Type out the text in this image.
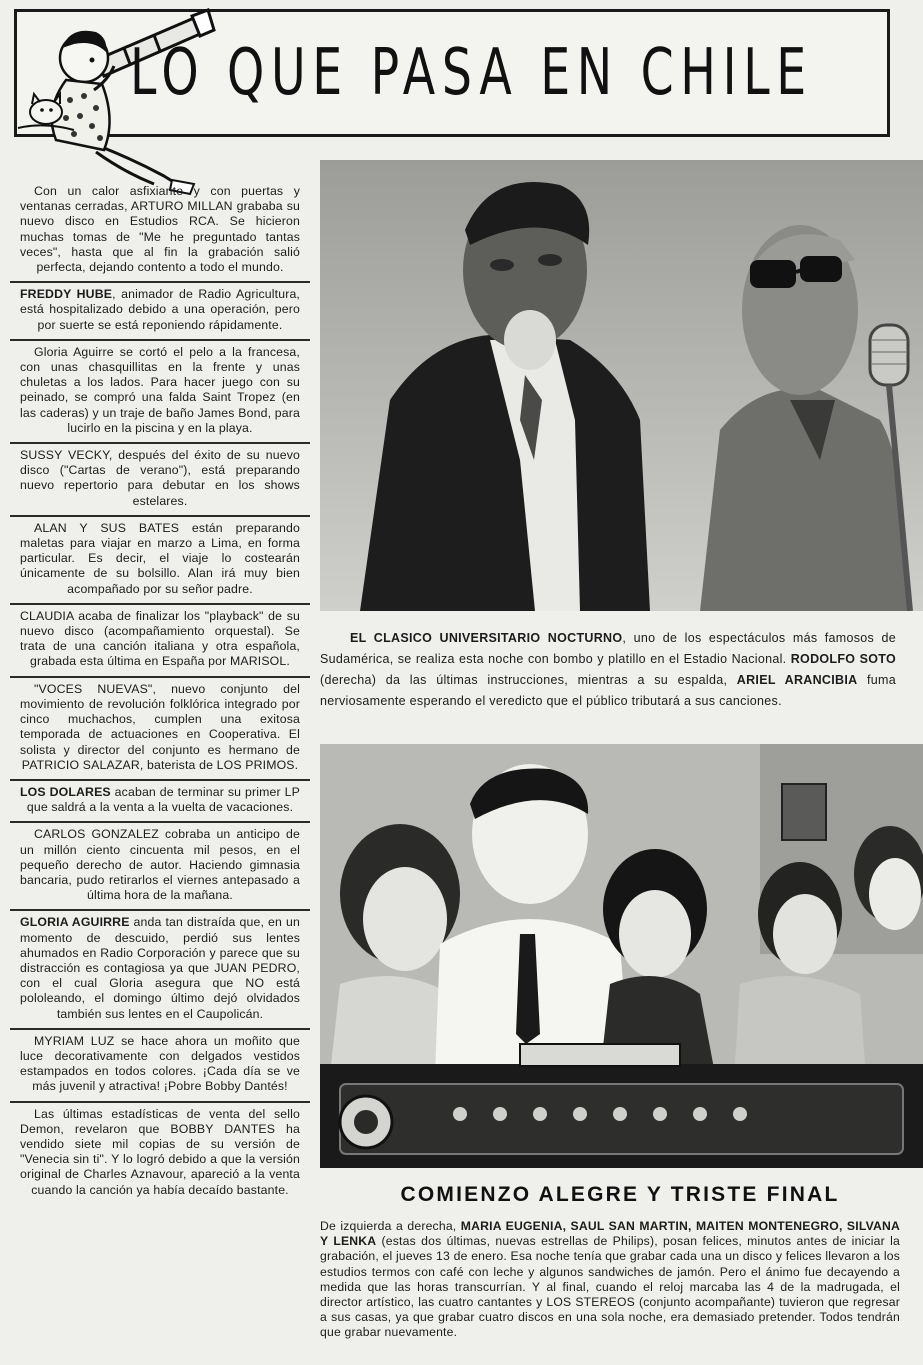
LO QUE PASA EN CHILE

Con un calor asfixiante y con puertas y ventanas cerradas, ARTURO MILLAN grababa su nuevo disco en Estudios RCA. Se hicieron muchas tomas de "Me he preguntado tantas veces", hasta que al fin la grabación salió perfecta, dejando contento a todo el mundo.

FREDDY HUBE, animador de Radio Agricultura, está hospitalizado debido a una operación, pero por suerte se está reponiendo rápidamente.

Gloria Aguirre se cortó el pelo a la francesa, con unas chasquillitas en la frente y unas chuletas a los lados. Para hacer juego con su peinado, se compró una falda Saint Tropez (en las caderas) y un traje de baño James Bond, para lucirlo en la piscina y en la playa.

SUSSY VECKY, después del éxito de su nuevo disco ("Cartas de verano"), está preparando nuevo repertorio para debutar en los shows estelares.

ALAN Y SUS BATES están preparando maletas para viajar en marzo a Lima, en forma particular. Es decir, el viaje lo costearán únicamente de su bolsillo. Alan irá muy bien acompañado por su señor padre.

CLAUDIA acaba de finalizar los "playback" de su nuevo disco (acompañamiento orquestal). Se trata de una canción italiana y otra española, grabada esta última en España por MARISOL.

"VOCES NUEVAS", nuevo conjunto del movimiento de revolución folklórica integrado por cinco muchachos, cumplen una exitosa temporada de actuaciones en Cooperativa. El solista y director del conjunto es hermano de PATRICIO SALAZAR, baterista de LOS PRIMOS.

LOS DOLARES acaban de terminar su primer LP que saldrá a la venta a la vuelta de vacaciones.

CARLOS GONZALEZ cobraba un anticipo de un millón ciento cincuenta mil pesos, en el pequeño derecho de autor. Haciendo gimnasia bancaria, pudo retirarlos el viernes antepasado a última hora de la mañana.

GLORIA AGUIRRE anda tan distraída que, en un momento de descuido, perdió sus lentes ahumados en Radio Corporación y parece que su distracción es contagiosa ya que JUAN PEDRO, con el cual Gloria asegura que NO está pololeando, el domingo último dejó olvidados también sus lentes en el Caupolicán.

MYRIAM LUZ se hace ahora un moñito que luce decorativamente con delgados vestidos estampados en todos colores. ¡Cada día se ve más juvenil y atractiva! ¡Pobre Bobby Dantés!

Las últimas estadísticas de venta del sello Demon, revelaron que BOBBY DANTES ha vendido siete mil copias de su versión de "Venecia sin ti". Y lo logró debido a que la versión original de Charles Aznavour, apareció a la venta cuando la canción ya había decaído bastante.

EL CLASICO UNIVERSITARIO NOCTURNO, uno de los espectáculos más famosos de Sudamérica, se realiza esta noche con bombo y platillo en el Estadio Nacional. RODOLFO SOTO (derecha) da las últimas instrucciones, mientras a su espalda, ARIEL ARANCIBIA fuma nerviosamente esperando el veredicto que el público tributará a sus canciones.

COMIENZO ALEGRE Y TRISTE FINAL

De izquierda a derecha, MARIA EUGENIA, SAUL SAN MARTIN, MAITEN MONTENEGRO, SILVANA Y LENKA (estas dos últimas, nuevas estrellas de Philips), posan felices, minutos antes de iniciar la grabación, el jueves 13 de enero. Esa noche tenía que grabar cada una un disco y felices llevaron a los estudios termos con café con leche y algunos sandwiches de jamón. Pero el ánimo fue decayendo a medida que las horas transcurrían. Y al final, cuando el reloj marcaba las 4 de la madrugada, el director artístico, las cuatro cantantes y LOS STEREOS (conjunto acompañante) tuvieron que regresar a sus casas, ya que grabar cuatro discos en una sola noche, era demasiado pretender. Todos tendrán que grabar nuevamente.
